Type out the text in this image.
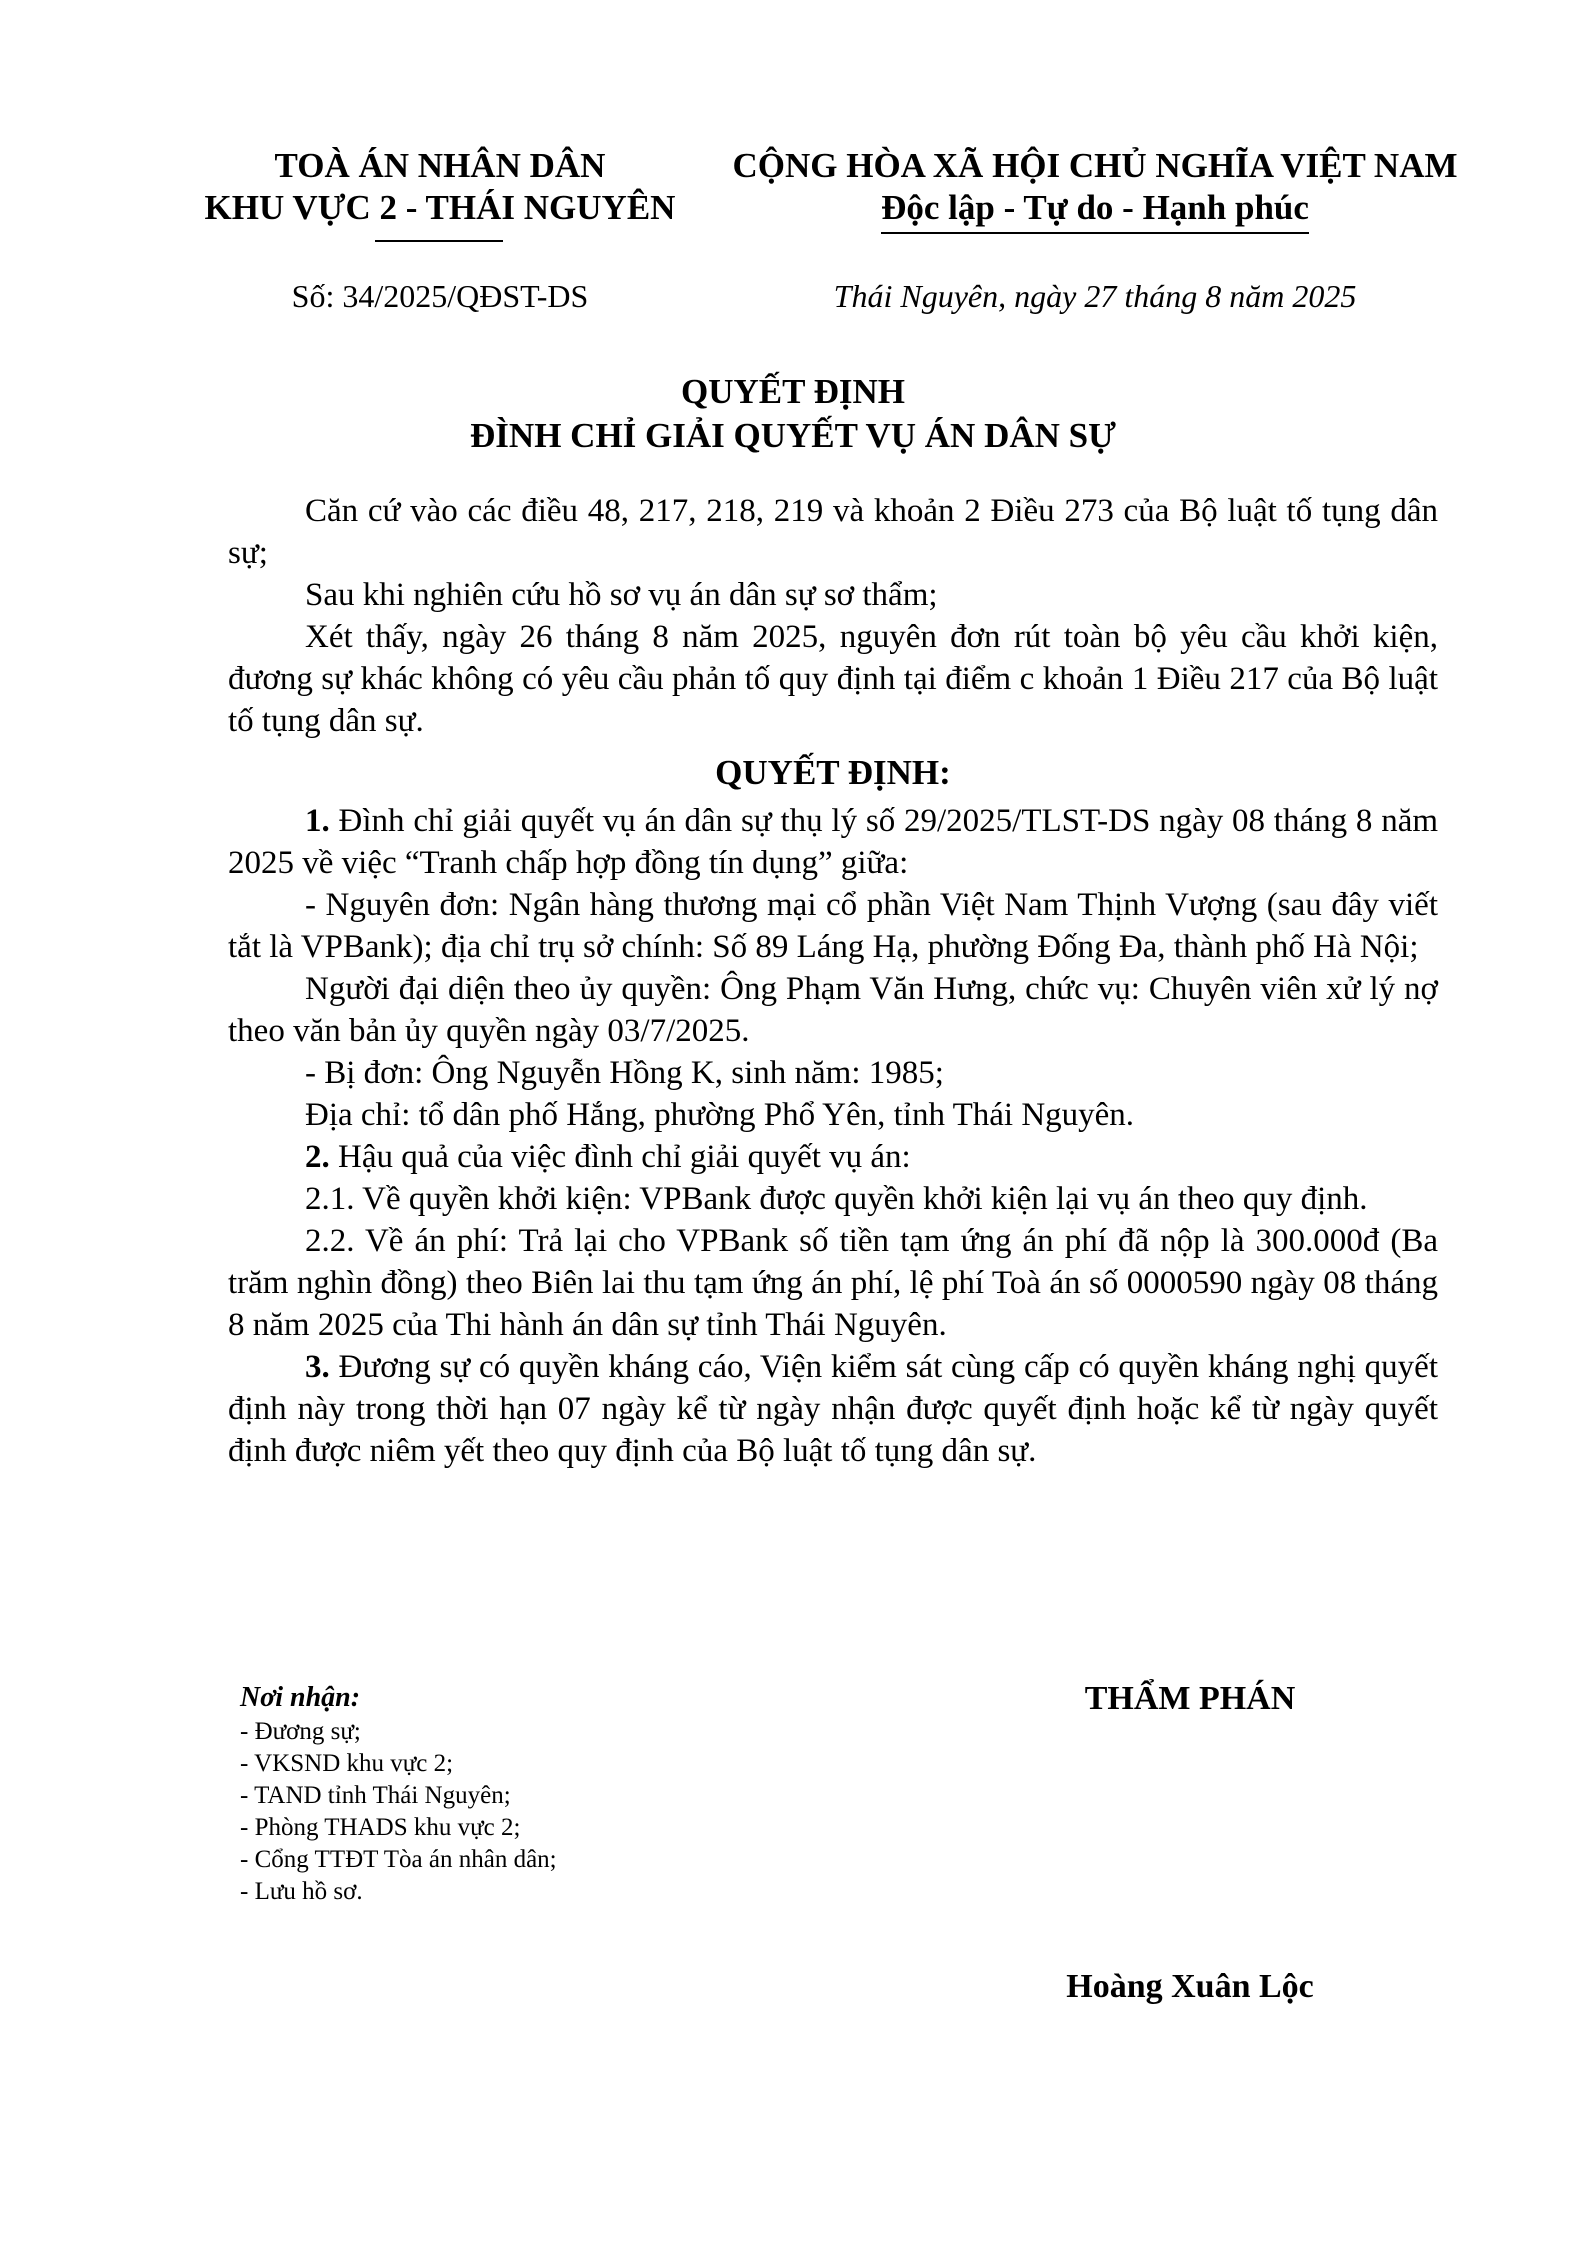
TOÀ ÁN NHÂN DÂN
KHU VỰC 2 - THÁI NGUYÊN
CỘNG HÒA XÃ HỘI CHỦ NGHĨA VIỆT NAM
Độc lập - Tự do - Hạnh phúc
Số: 34/2025/QĐST-DS	Thái Nguyên, ngày 27 tháng 8 năm 2025
QUYẾT ĐỊNH
ĐÌNH CHỈ GIẢI QUYẾT VỤ ÁN DÂN SỰ

Căn cứ vào các điều 48, 217, 218, 219 và khoản 2 Điều 273 của Bộ luật tố tụng dân sự;

Sau khi nghiên cứu hồ sơ vụ án dân sự sơ thẩm;

Xét thấy, ngày 26 tháng 8 năm 2025, nguyên đơn rút toàn bộ yêu cầu khởi kiện, đương sự khác không có yêu cầu phản tố quy định tại điểm c khoản 1 Điều 217 của Bộ luật tố tụng dân sự.

QUYẾT ĐỊNH:

1. Đình chỉ giải quyết vụ án dân sự thụ lý số 29/2025/TLST-DS ngày 08 tháng 8 năm 2025 về việc “Tranh chấp hợp đồng tín dụng” giữa:

- Nguyên đơn: Ngân hàng thương mại cổ phần Việt Nam Thịnh Vượng (sau đây viết tắt là VPBank); địa chỉ trụ sở chính: Số 89 Láng Hạ, phường Đống Đa, thành phố Hà Nội;

Người đại diện theo ủy quyền: Ông Phạm Văn Hưng, chức vụ: Chuyên viên xử lý nợ theo văn bản ủy quyền ngày 03/7/2025.

- Bị đơn: Ông Nguyễn Hồng K, sinh năm: 1985;

Địa chỉ: tổ dân phố Hắng, phường Phổ Yên, tỉnh Thái Nguyên.

2. Hậu quả của việc đình chỉ giải quyết vụ án:

2.1. Về quyền khởi kiện: VPBank được quyền khởi kiện lại vụ án theo quy định.

2.2. Về án phí: Trả lại cho VPBank số tiền tạm ứng án phí đã nộp là 300.000đ (Ba trăm nghìn đồng) theo Biên lai thu tạm ứng án phí, lệ phí Toà án số 0000590 ngày 08 tháng 8 năm 2025 của Thi hành án dân sự tỉnh Thái Nguyên.

3. Đương sự có quyền kháng cáo, Viện kiểm sát cùng cấp có quyền kháng nghị quyết định này trong thời hạn 07 ngày kể từ ngày nhận được quyết định hoặc kể từ ngày quyết định được niêm yết theo quy định của Bộ luật tố tụng dân sự.

Nơi nhận:
- Đương sự;
- VKSND khu vực 2;
- TAND tỉnh Thái Nguyên;
- Phòng THADS khu vực 2;
- Cổng TTĐT Tòa án nhân dân;
- Lưu hồ sơ.
THẨM PHÁN
Hoàng Xuân Lộc
